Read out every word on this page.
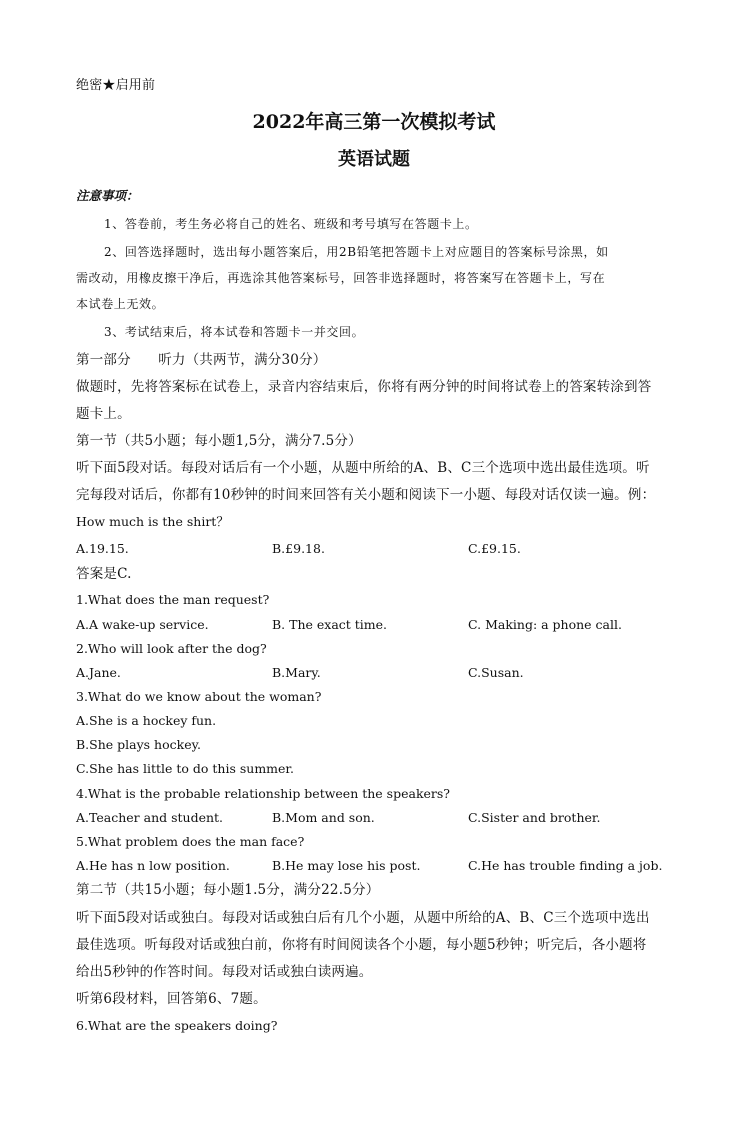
绝密★启用前
2022年高三第一次模拟考试
英语试题
注意事项：
1、答卷前，考生务必将自己的姓名、班级和考号填写在答题卡上。
2、回答选择题时，选出每小题答案后，用2B铅笔把答题卡上对应题目的答案标号涂黑，如
需改动，用橡皮擦干净后，再选涂其他答案标号，回答非选择题时，将答案写在答题卡上，写在
本试卷上无效。
3、考试结束后，将本试卷和答题卡一并交回。
第一部分　　听力（共两节，满分30分）
做题时，先将答案标在试卷上，录音内容结束后，你将有两分钟的时间将试卷上的答案转涂到答
题卡上。
第一节（共5小题；每小题1,5分，满分7.5分）
听下面5段对话。每段对话后有一个小题，从题中所给的A、B、C三个选项中选出最佳选项。听
完每段对话后，你都有10秒钟的时间来回答有关小题和阅读下一小题、每段对话仅读一遍。例：
How much is the shirt？
A.19.15.	B.£9.18.	C.£9.15.
答案是C.
1.What does the man request?
A.A wake-up service.	B. The exact time.	C. Making: a phone call.
2.Who will look after the dog?
A.Jane.	B.Mary.	C.Susan.
3.What do we know about the woman?
A.She is a hockey fun.
B.She plays hockey.
C.She has little to do this summer.
4.What is the probable relationship between the speakers?
A.Teacher and student.	B.Mom and son.	C.Sister and brother.
5.What problem does the man face?
A.He has n low position.	B.He may lose his post.	C.He has trouble finding a job.
第二节（共15小题；每小题1.5分，满分22.5分）
听下面5段对话或独白。每段对话或独白后有几个小题，从题中所给的A、B、C三个选项中选出
最佳选项。听每段对话或独白前，你将有时间阅读各个小题，每小题5秒钟；听完后，各小题将
给出5秒钟的作答时间。每段对话或独白读两遍。
听第6段材料，回答第6、7题。
6.What are the speakers doing?
